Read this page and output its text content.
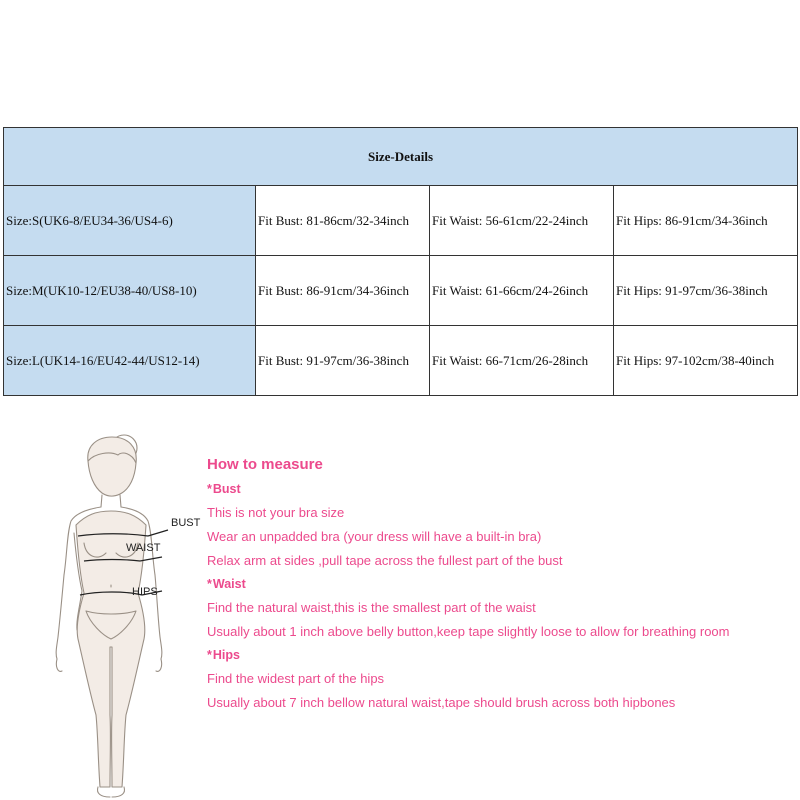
Size-Details			
Size:S(UK6-8/EU34-36/US4-6)	Fit Bust: 81-86cm/32-34inch	Fit Waist: 56-61cm/22-24inch	Fit Hips: 86-91cm/34-36inch
Size:M(UK10-12/EU38-40/US8-10)	Fit Bust: 86-91cm/34-36inch	Fit Waist: 61-66cm/24-26inch	Fit Hips: 91-97cm/36-38inch
Size:L(UK14-16/EU42-44/US12-14)	Fit Bust: 91-97cm/36-38inch	Fit Waist: 66-71cm/26-28inch	Fit Hips: 97-102cm/38-40inch
BUST
WAIST
HIPS
How to measure
*Bust
This is not your bra size
Wear an unpadded bra (your dress will have a built-in bra)
Relax arm at sides ,pull tape across the fullest part of the bust
*Waist
Find the natural waist,this is the smallest part of the waist
Usually about 1 inch above belly button,keep tape slightly loose to allow for breathing room
*Hips
Find the widest part of the hips
Usually about 7 inch bellow natural waist,tape should brush across both hipbones
